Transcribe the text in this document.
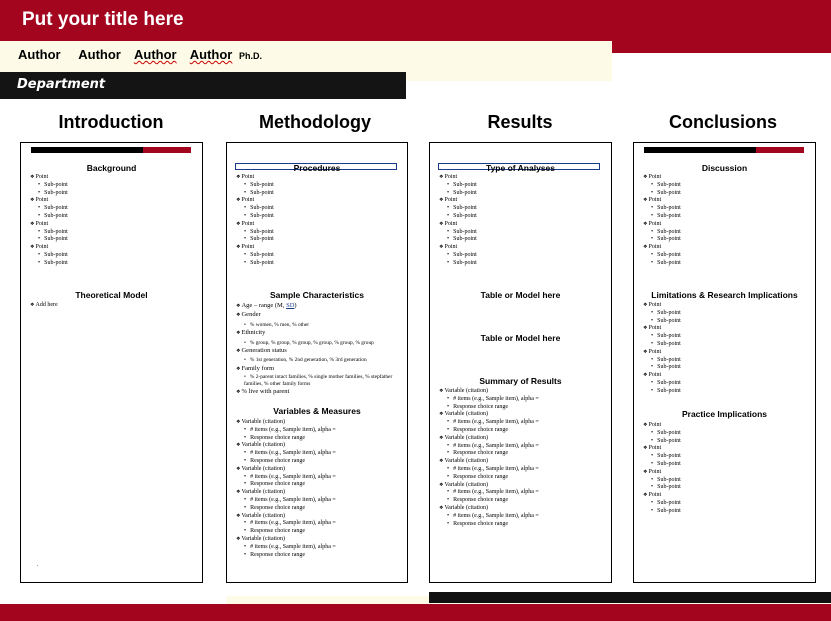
Put your title here
Author Author Author Author Ph.D.
Department
Introduction	Methodology	Results	Conclusions
Background
❖ Point
• Sub-point
• Sub-point
❖ Point
• Sub-point
• Sub-point
❖ Point
• Sub-point
• Sub-point
❖ Point
• Sub-point
• Sub-point
Theoretical Model
❖ Add here
.
Procedures
❖ Point
• Sub-point
• Sub-point
❖ Point
• Sub-point
• Sub-point
❖ Point
• Sub-point
• Sub-point
❖ Point
• Sub-point
• Sub-point
Sample Characteristics
❖ Age – range (M, SD)
❖ Gender
• % women, % men, % other
❖ Ethnicity
• % group, % group, % group, % group, % group, % group
❖ Generation status
• % 1st generation, % 2nd generation, % 3rd generation
❖ Family form
• % 2-parent intact families, % single mother families, % stepfather families, % other family forms
❖ % live with parent
Variables & Measures
❖ Variable (citation)
• # items (e.g., Sample item), alpha =
• Response choice range
❖ Variable (citation)
• # items (e.g., Sample item), alpha =
• Response choice range
❖ Variable (citation)
• # items (e.g., Sample item), alpha =
• Response choice range
❖ Variable (citation)
• # items (e.g., Sample item), alpha =
• Response choice range
❖ Variable (citation)
• # items (e.g., Sample item), alpha =
• Response choice range
❖ Variable (citation)
• # items (e.g., Sample item), alpha =
• Response choice range
Type of Analyses
❖ Point
• Sub-point
• Sub-point
❖ Point
• Sub-point
• Sub-point
❖ Point
• Sub-point
• Sub-point
❖ Point
• Sub-point
• Sub-point
Table or Model here
Table or Model here
Summary of Results
❖ Variable (citation)
• # items (e.g., Sample item), alpha =
• Response choice range
❖ Variable (citation)
• # items (e.g., Sample item), alpha =
• Response choice range
❖ Variable (citation)
• # items (e.g., Sample item), alpha =
• Response choice range
❖ Variable (citation)
• # items (e.g., Sample item), alpha =
• Response choice range
❖ Variable (citation)
• # items (e.g., Sample item), alpha =
• Response choice range
❖ Variable (citation)
• # items (e.g., Sample item), alpha =
• Response choice range
Discussion
❖ Point
• Sub-point
• Sub-point
❖ Point
• Sub-point
• Sub-point
❖ Point
• Sub-point
• Sub-point
❖ Point
• Sub-point
• Sub-point
Limitations & Research Implications
❖ Point
• Sub-point
• Sub-point
❖ Point
• Sub-point
• Sub-point
❖ Point
• Sub-point
• Sub-point
❖ Point
• Sub-point
• Sub-point
Practice Implications
❖ Point
• Sub-point
• Sub-point
❖ Point
• Sub-point
• Sub-point
❖ Point
• Sub-point
• Sub-point
❖ Point
• Sub-point
• Sub-point
